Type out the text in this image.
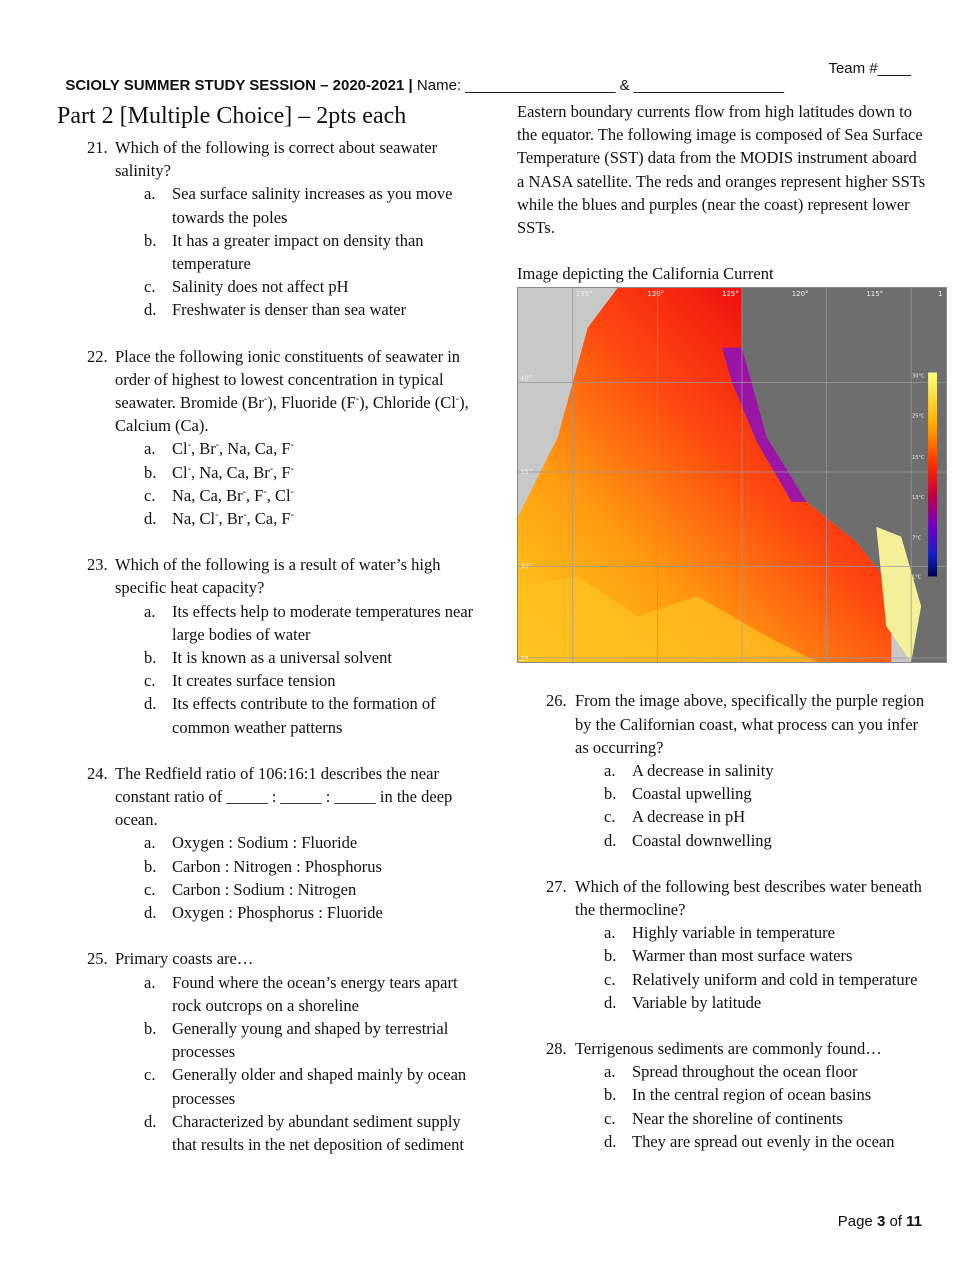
SCIOLY SUMMER STUDY SESSION – 2020-2021 | Name: __________________ & __________________

Team #____

Part 2 [Multiple Choice] – 2pts each
21. Which of the following is correct about seawater salinity?
a. Sea surface salinity increases as you move towards the poles
b. It has a greater impact on density than temperature
c. Salinity does not affect pH
d. Freshwater is denser than sea water
22. Place the following ionic constituents of seawater in order of highest to lowest concentration in typical seawater. Bromide (Br-), Fluoride (F-), Chloride (Cl-), Calcium (Ca).
a. Cl-, Br-, Na, Ca, F-
b. Cl-, Na, Ca, Br-, F-
c. Na, Ca, Br-, F-, Cl-
d. Na, Cl-, Br-, Ca, F-
23. Which of the following is a result of water’s high specific heat capacity?
a. Its effects help to moderate temperatures near large bodies of water
b. It is known as a universal solvent
c. It creates surface tension
d. Its effects contribute to the formation of common weather patterns
24. The Redfield ratio of 106:16:1 describes the near constant ratio of _____ : _____ : _____ in the deep ocean.
a. Oxygen : Sodium : Fluoride
b. Carbon : Nitrogen : Phosphorus
c. Carbon : Sodium : Nitrogen
d. Oxygen : Phosphorus : Fluoride
25. Primary coasts are…
a. Found where the ocean’s energy tears apart rock outcrops on a shoreline
b. Generally young and shaped by terrestrial processes
c. Generally older and shaped mainly by ocean processes
d. Characterized by abundant sediment supply that results in the net deposition of sediment
Eastern boundary currents flow from high latitudes down to the equator. The following image is composed of Sea Surface Temperature (SST) data from the MODIS instrument aboard a NASA satellite. The reds and oranges represent higher SSTs while the blues and purples (near the coast) represent lower SSTs.
Image depicting the California Current
135°	130°	125°	120°	115°	1
40°
35°
30°
25
30°C
25°C
15°C
13°C
7°C
1°C
26. From the image above, specifically the purple region by the Californian coast, what process can you infer as occurring?
a. A decrease in salinity
b. Coastal upwelling
c. A decrease in pH
d. Coastal downwelling
27. Which of the following best describes water beneath the thermocline?
a. Highly variable in temperature
b. Warmer than most surface waters
c. Relatively uniform and cold in temperature
d. Variable by latitude
28. Terrigenous sediments are commonly found…
a. Spread throughout the ocean floor
b. In the central region of ocean basins
c. Near the shoreline of continents
d. They are spread out evenly in the ocean
Page 3 of 11
